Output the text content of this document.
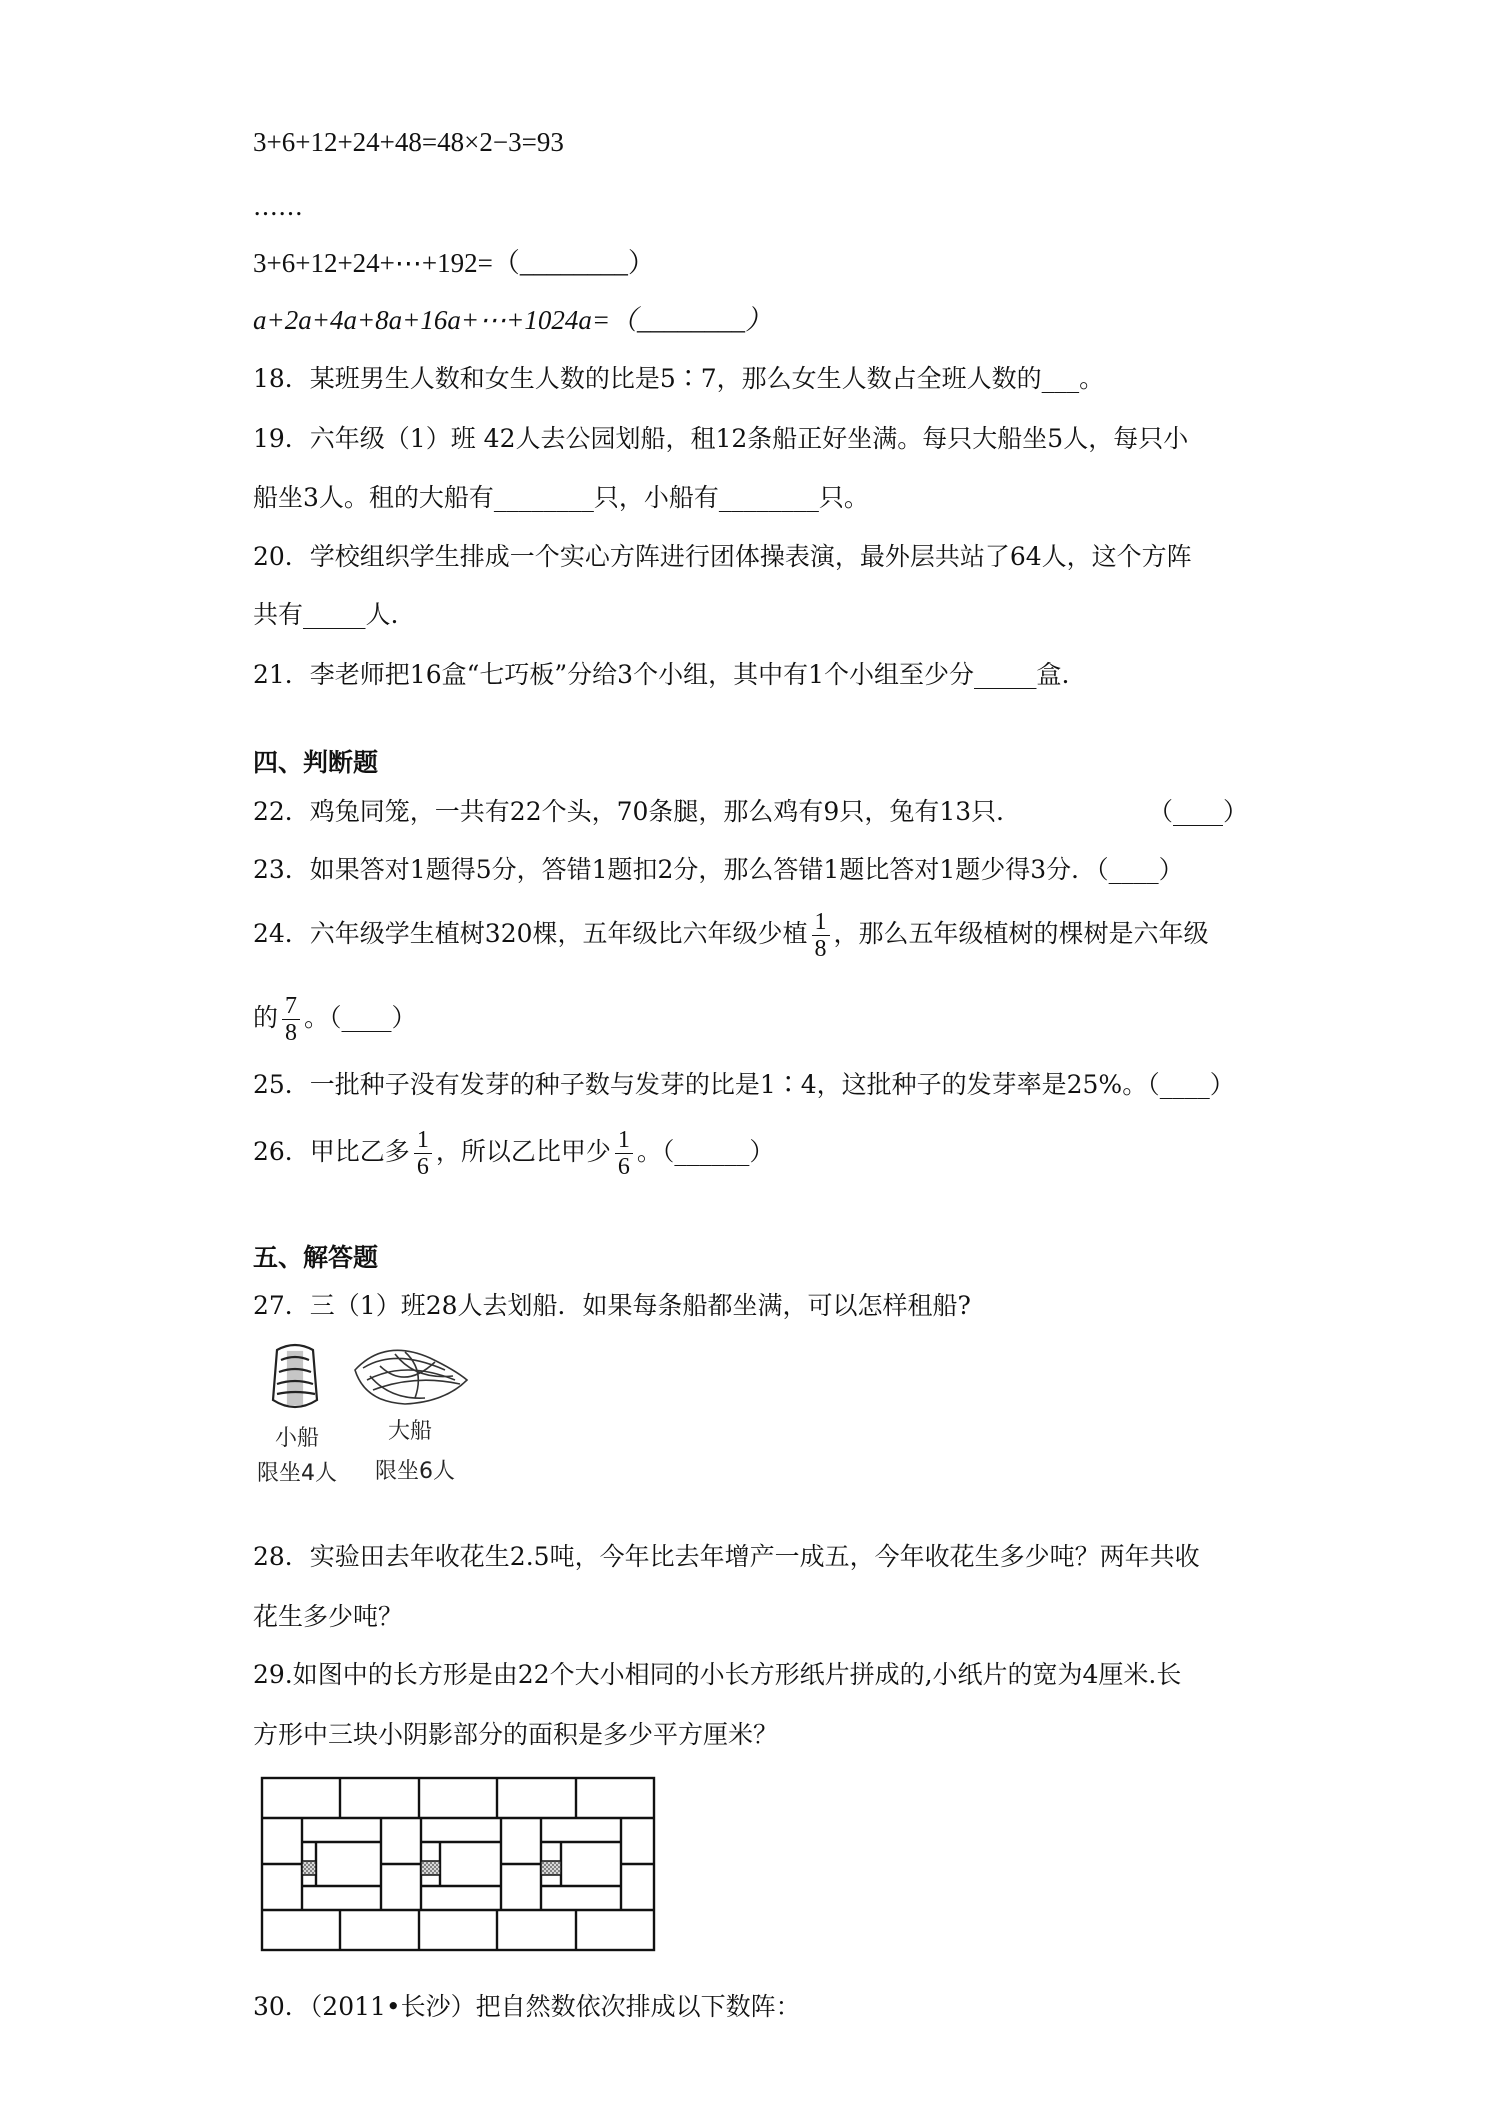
3+6+12+24+48=48×2−3=93
……
3+6+12+24+⋯+192=（________）
a+2a+4a+8a+16a+⋯+1024a=（________）
18．某班男生人数和女生人数的比是5∶7，那么女生人数占全班人数的___。
19．六年级（1）班 42人去公园划船，租12条船正好坐满。每只大船坐5人，每只小
船坐3人。租的大船有________只，小船有________只。
20．学校组织学生排成一个实心方阵进行团体操表演，最外层共站了64人，这个方阵
共有_____人.
21．李老师把16盒“七巧板”分给3个小组，其中有1个小组至少分_____盒.
四、判断题
22．鸡兔同笼，一共有22个头，70条腿，那么鸡有9只，兔有13只．	（____）
23．如果答对1题得5分，答错1题扣2分，那么答错1题比答对1题少得3分．（____）
24．六年级学生植树320棵，五年级比六年级少植 $\frac{1}{8}$ ，那么五年级植树的棵树是六年级
的 $\frac{7}{8}$ 。（____）
25．一批种子没有发芽的种子数与发芽的比是1∶4，这批种子的发芽率是25%。（____）
26．甲比乙多 $\frac{1}{6}$ ，所以乙比甲少 $\frac{1}{6}$ 。（______）
五、解答题
27．三（1）班28人去划船．如果每条船都坐满，可以怎样租船?
小船
限坐4人
大船
限坐6人
28．实验田去年收花生2.5吨，今年比去年增产一成五，今年收花生多少吨？两年共收
花生多少吨？
29.如图中的长方形是由22个大小相同的小长方形纸片拼成的,小纸片的宽为4厘米.长
方形中三块小阴影部分的面积是多少平方厘米？
30．（2011•长沙）把自然数依次排成以下数阵：
